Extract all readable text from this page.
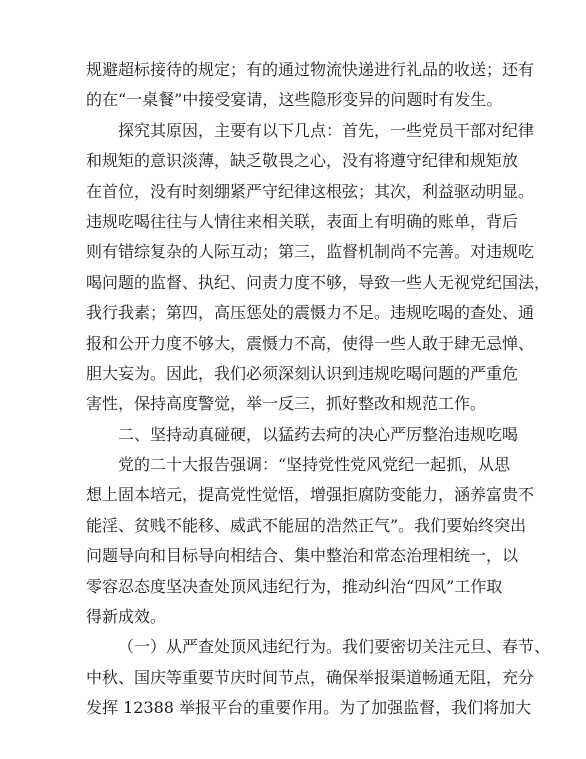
规避超标接待的规定；有的通过物流快递进行礼品的收送；还有
的在“一桌餐”中接受宴请，这些隐形变异的问题时有发生。
探究其原因，主要有以下几点：首先，一些党员干部对纪律
和规矩的意识淡薄，缺乏敬畏之心，没有将遵守纪律和规矩放
在首位，没有时刻绷紧严守纪律这根弦；其次，利益驱动明显。
违规吃喝往往与人情往来相关联，表面上有明确的账单，背后
则有错综复杂的人际互动；第三，监督机制尚不完善。对违规吃
喝问题的监督、执纪、问责力度不够，导致一些人无视党纪国法，
我行我素；第四，高压惩处的震慑力不足。违规吃喝的查处、通
报和公开力度不够大，震慑力不高，使得一些人敢于肆无忌惮、
胆大妄为。因此，我们必须深刻认识到违规吃喝问题的严重危
害性，保持高度警觉，举一反三，抓好整改和规范工作。
二、坚持动真碰硬，以猛药去疴的决心严厉整治违规吃喝
党的二十大报告强调：“坚持党性党风党纪一起抓，从思
想上固本培元，提高党性觉悟，增强拒腐防变能力，涵养富贵不
能淫、贫贱不能移、威武不能屈的浩然正气”。我们要始终突出
问题导向和目标导向相结合、集中整治和常态治理相统一，以
零容忍态度坚决查处顶风违纪行为，推动纠治“四风”工作取
得新成效。
（一）从严查处顶风违纪行为。我们要密切关注元旦、春节、
中秋、国庆等重要节庆时间节点，确保举报渠道畅通无阻，充分
发挥 12388 举报平台的重要作用。为了加强监督，我们将加大
